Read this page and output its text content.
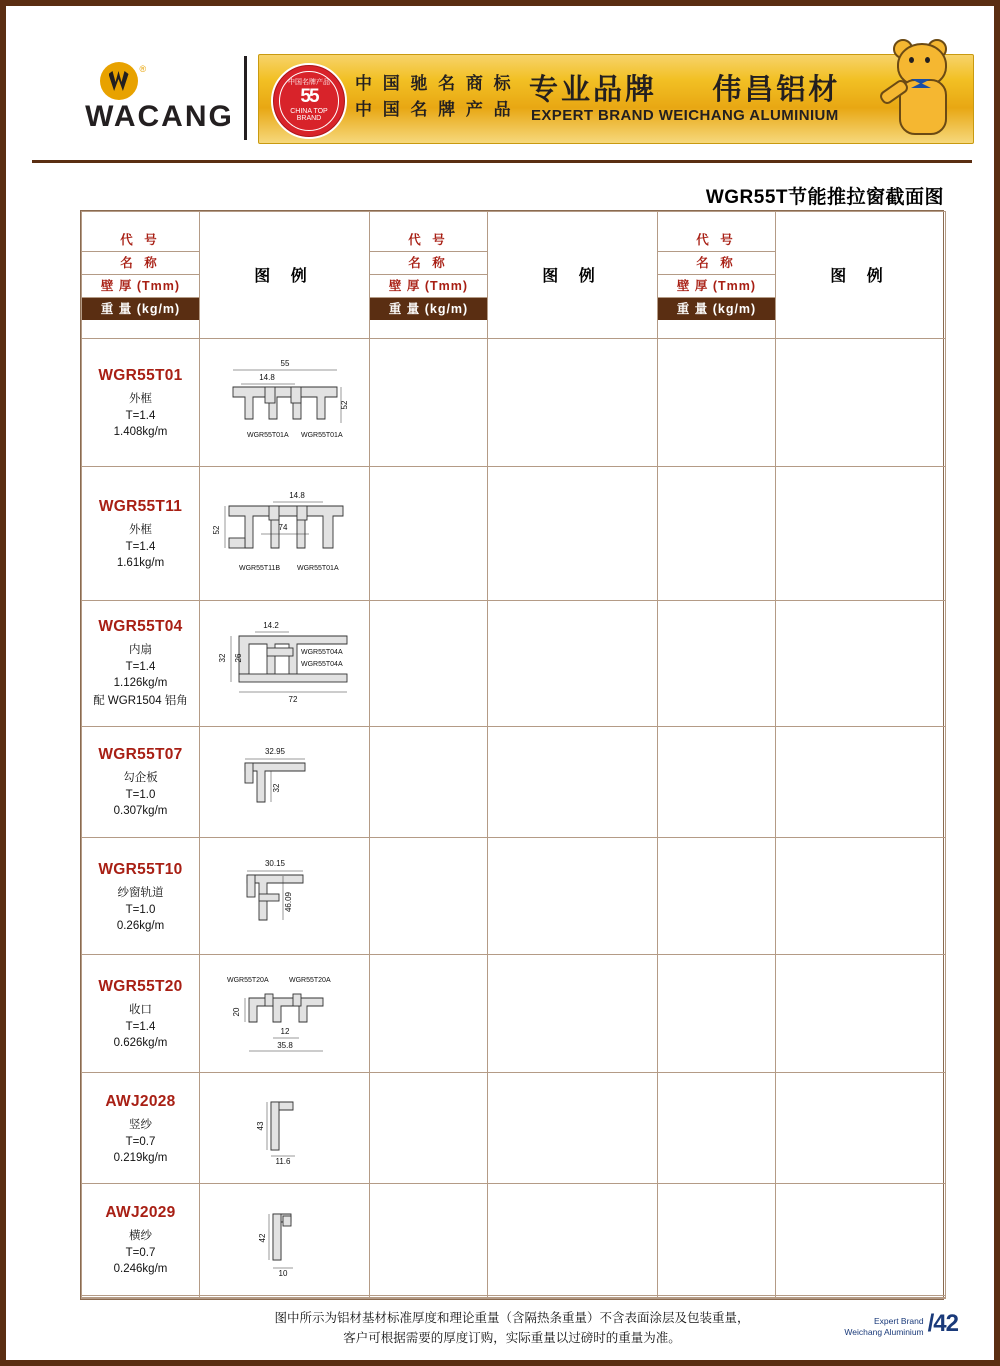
®
WACANG
中国名牌产品
55
CHINA TOP BRAND
中 国 驰 名 商 标
中 国 名 牌 产 品
专业品牌 伟昌铝材
EXPERT BRAND WEICHANG ALUMINIUM
WGR55T节能推拉窗截面图
代 号
名 称
壁 厚 (Tmm)
重 量 (kg/m)
	图 例	
代 号
名 称
壁 厚 (Tmm)
重 量 (kg/m)
	图 例	
代 号
名 称
壁 厚 (Tmm)
重 量 (kg/m)
	图 例

WGR55T01
外框
T=1.4
1.408kg/m

55
14.8
52
WGR55T01A WGR55T01A

WGR55T11
外框
T=1.4
1.61kg/m

14.8
52	74
WGR55T11B WGR55T01A

WGR55T04
内扇
T=1.4
1.126kg/m
配 WGR1504 铝角

14.2
32 26
72
WGR55T04A
WGR55T04A

WGR55T07
勾企板
T=1.0
0.307kg/m

32.95
32

WGR55T10
纱窗轨道
T=1.0
0.26kg/m

30.15
46.09

WGR55T20
收口
T=1.4
0.626kg/m

WGR55T20A	WGR55T20A
20
12
35.8

AWJ2028
竖纱
T=0.7
0.219kg/m

43
11.6

AWJ2029
横纱
T=0.7
0.246kg/m

42
10

图中所示为铝材基材标准厚度和理论重量（含隔热条重量）不含表面涂层及包装重量，
客户可根据需要的厚度订购，实际重量以过磅时的重量为准。
Expert Brand
Weichang Aluminium /42
